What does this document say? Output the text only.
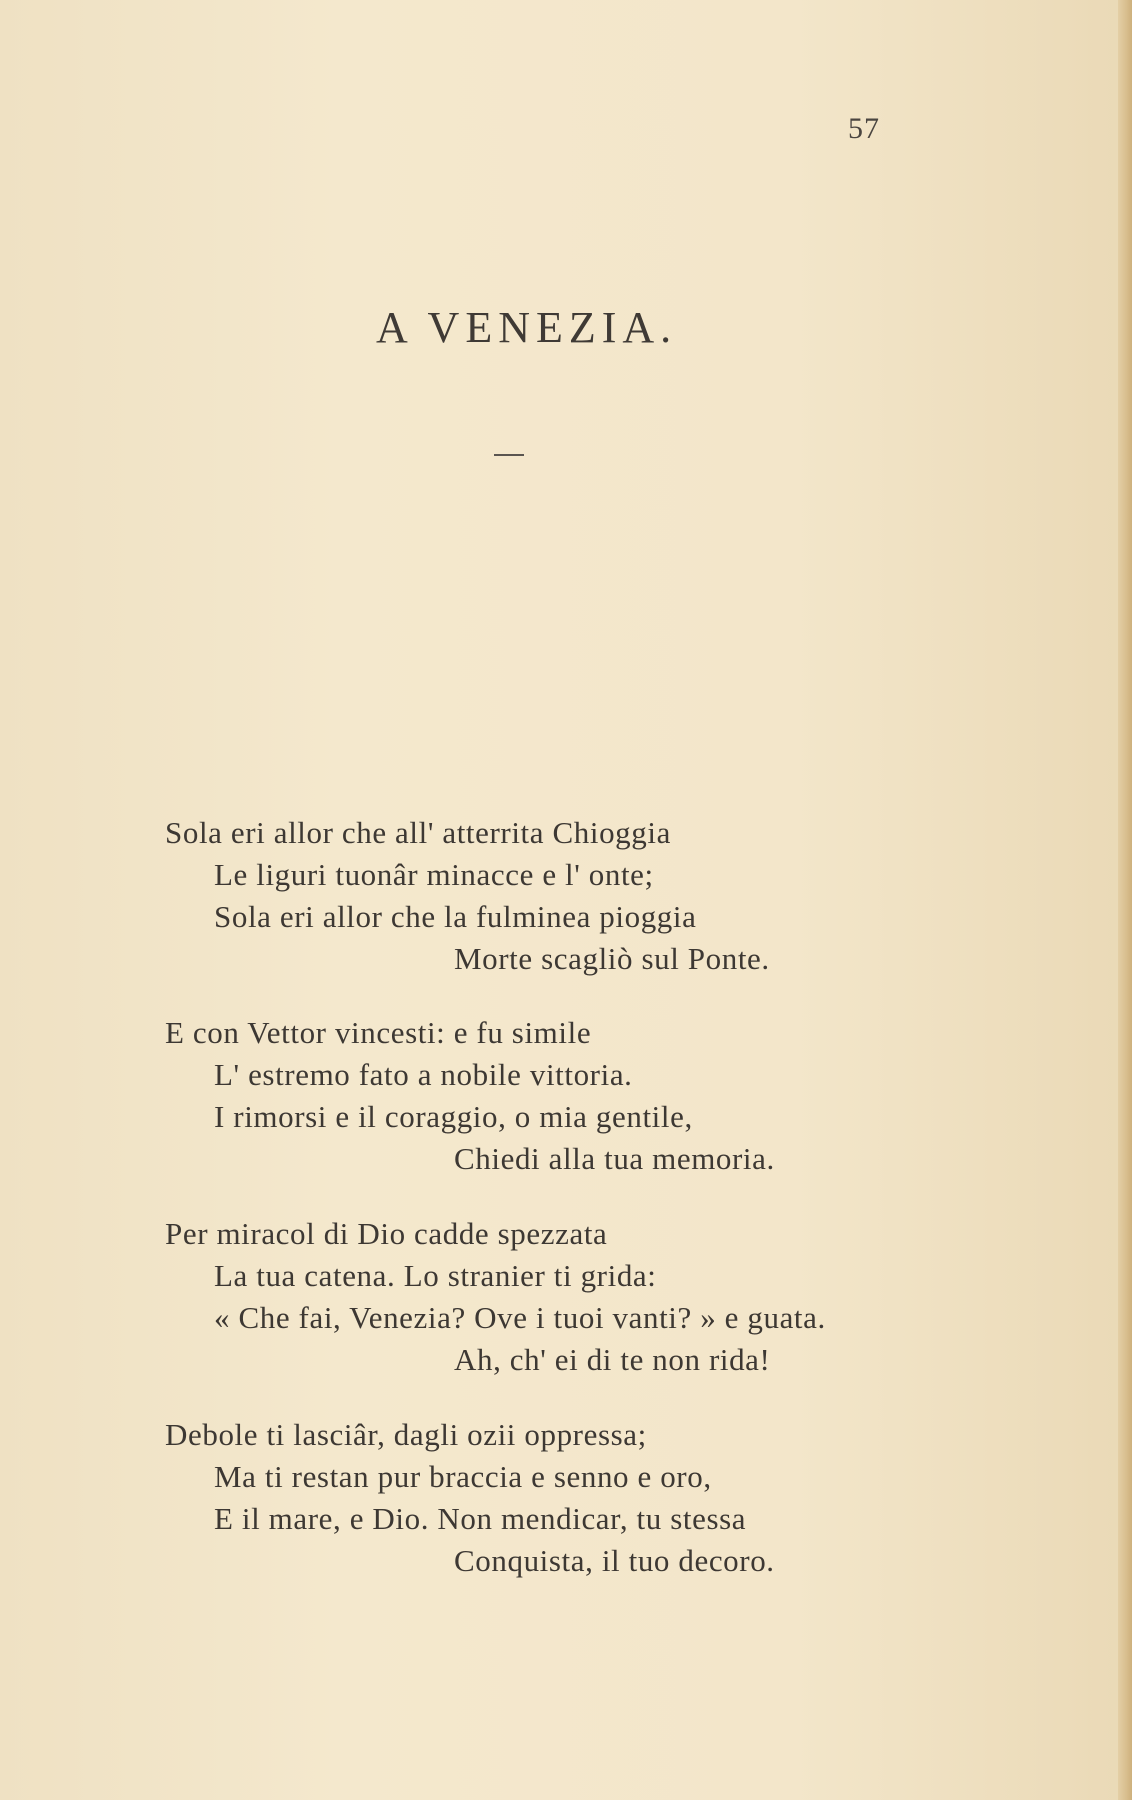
57
A VENEZIA.
Sola eri allor che all' atterrita Chioggia
Le liguri tuonâr minacce e l' onte;
Sola eri allor che la fulminea pioggia
Morte scagliò sul Ponte.
E con Vettor vincesti: e fu simile
L' estremo fato a nobile vittoria.
I rimorsi e il coraggio, o mia gentile,
Chiedi alla tua memoria.
Per miracol di Dio cadde spezzata
La tua catena. Lo stranier ti grida:
« Che fai, Venezia? Ove i tuoi vanti? » e guata.
Ah, ch' ei di te non rida!
Debole ti lasciâr, dagli ozii oppressa;
Ma ti restan pur braccia e senno e oro,
E il mare, e Dio. Non mendicar, tu stessa
Conquista, il tuo decoro.
